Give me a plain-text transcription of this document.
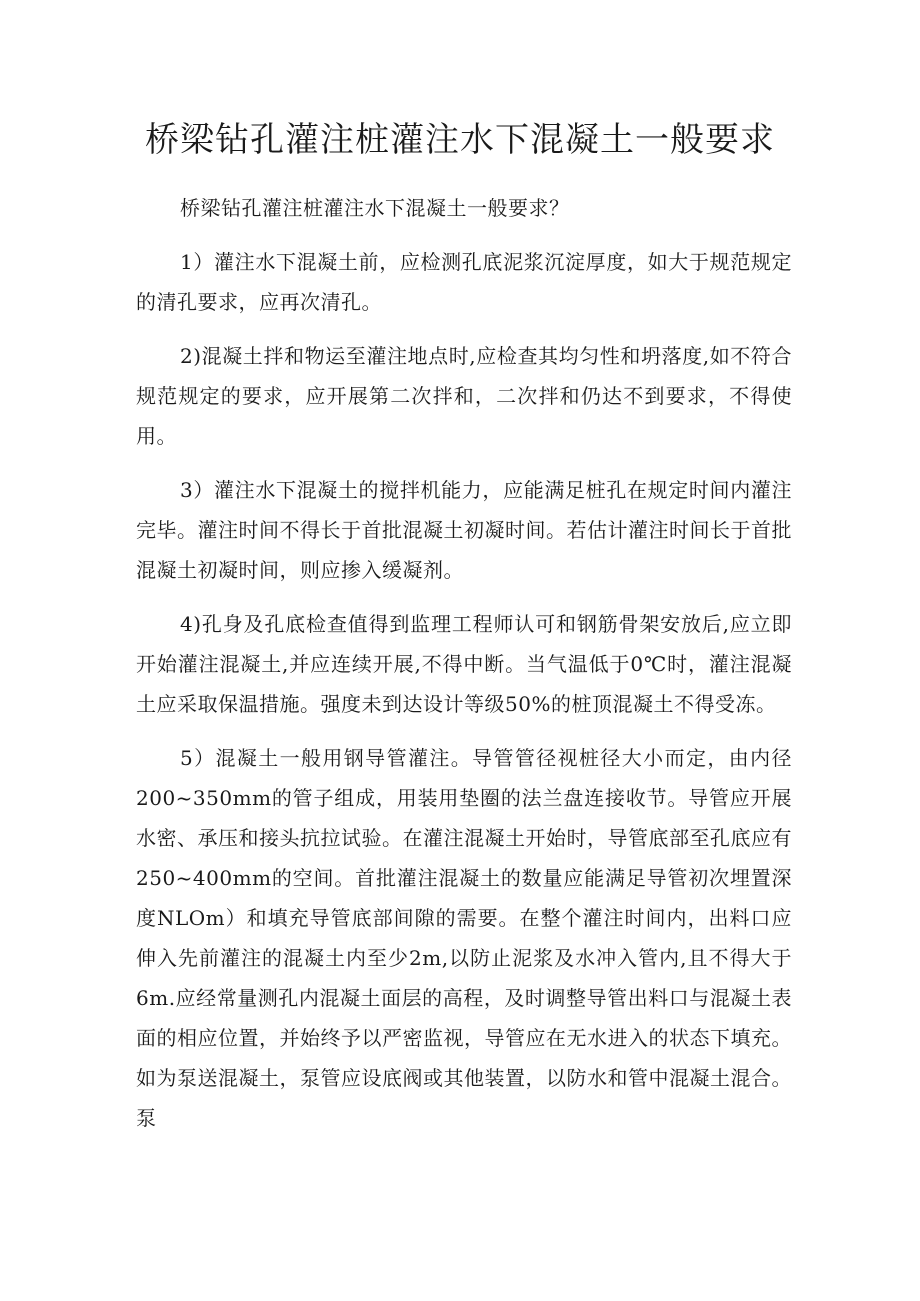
桥梁钻孔灌注桩灌注水下混凝土一般要求

桥梁钻孔灌注桩灌注水下混凝土一般要求？

1）灌注水下混凝土前，应检测孔底泥浆沉淀厚度，如大于规范规定的清孔要求，应再次清孔。

2)混凝土拌和物运至灌注地点时,应检查其均匀性和坍落度,如不符合规范规定的要求，应开展第二次拌和，二次拌和仍达不到要求，不得使用。

3）灌注水下混凝土的搅拌机能力，应能满足桩孔在规定时间内灌注完毕。灌注时间不得长于首批混凝土初凝时间。若估计灌注时间长于首批混凝土初凝时间，则应掺入缓凝剂。

4)孔身及孔底检查值得到监理工程师认可和钢筋骨架安放后,应立即开始灌注混凝土,并应连续开展,不得中断。当气温低于0℃时，灌注混凝土应采取保温措施。强度未到达设计等级50%的桩顶混凝土不得受冻。

5）混凝土一般用钢导管灌注。导管管径视桩径大小而定，由内径200~350mm的管子组成，用装用垫圈的法兰盘连接收节。导管应开展水密、承压和接头抗拉试验。在灌注混凝土开始时，导管底部至孔底应有250~400mm的空间。首批灌注混凝土的数量应能满足导管初次埋置深度NLOm）和填充导管底部间隙的需要。在整个灌注时间内，出料口应伸入先前灌注的混凝土内至少2m,以防止泥浆及水冲入管内,且不得大于6m.应经常量测孔内混凝土面层的高程，及时调整导管出料口与混凝土表面的相应位置，并始终予以严密监视，导管应在无水进入的状态下填充。如为泵送混凝土，泵管应设底阀或其他装置，以防水和管中混凝土混合。泵
